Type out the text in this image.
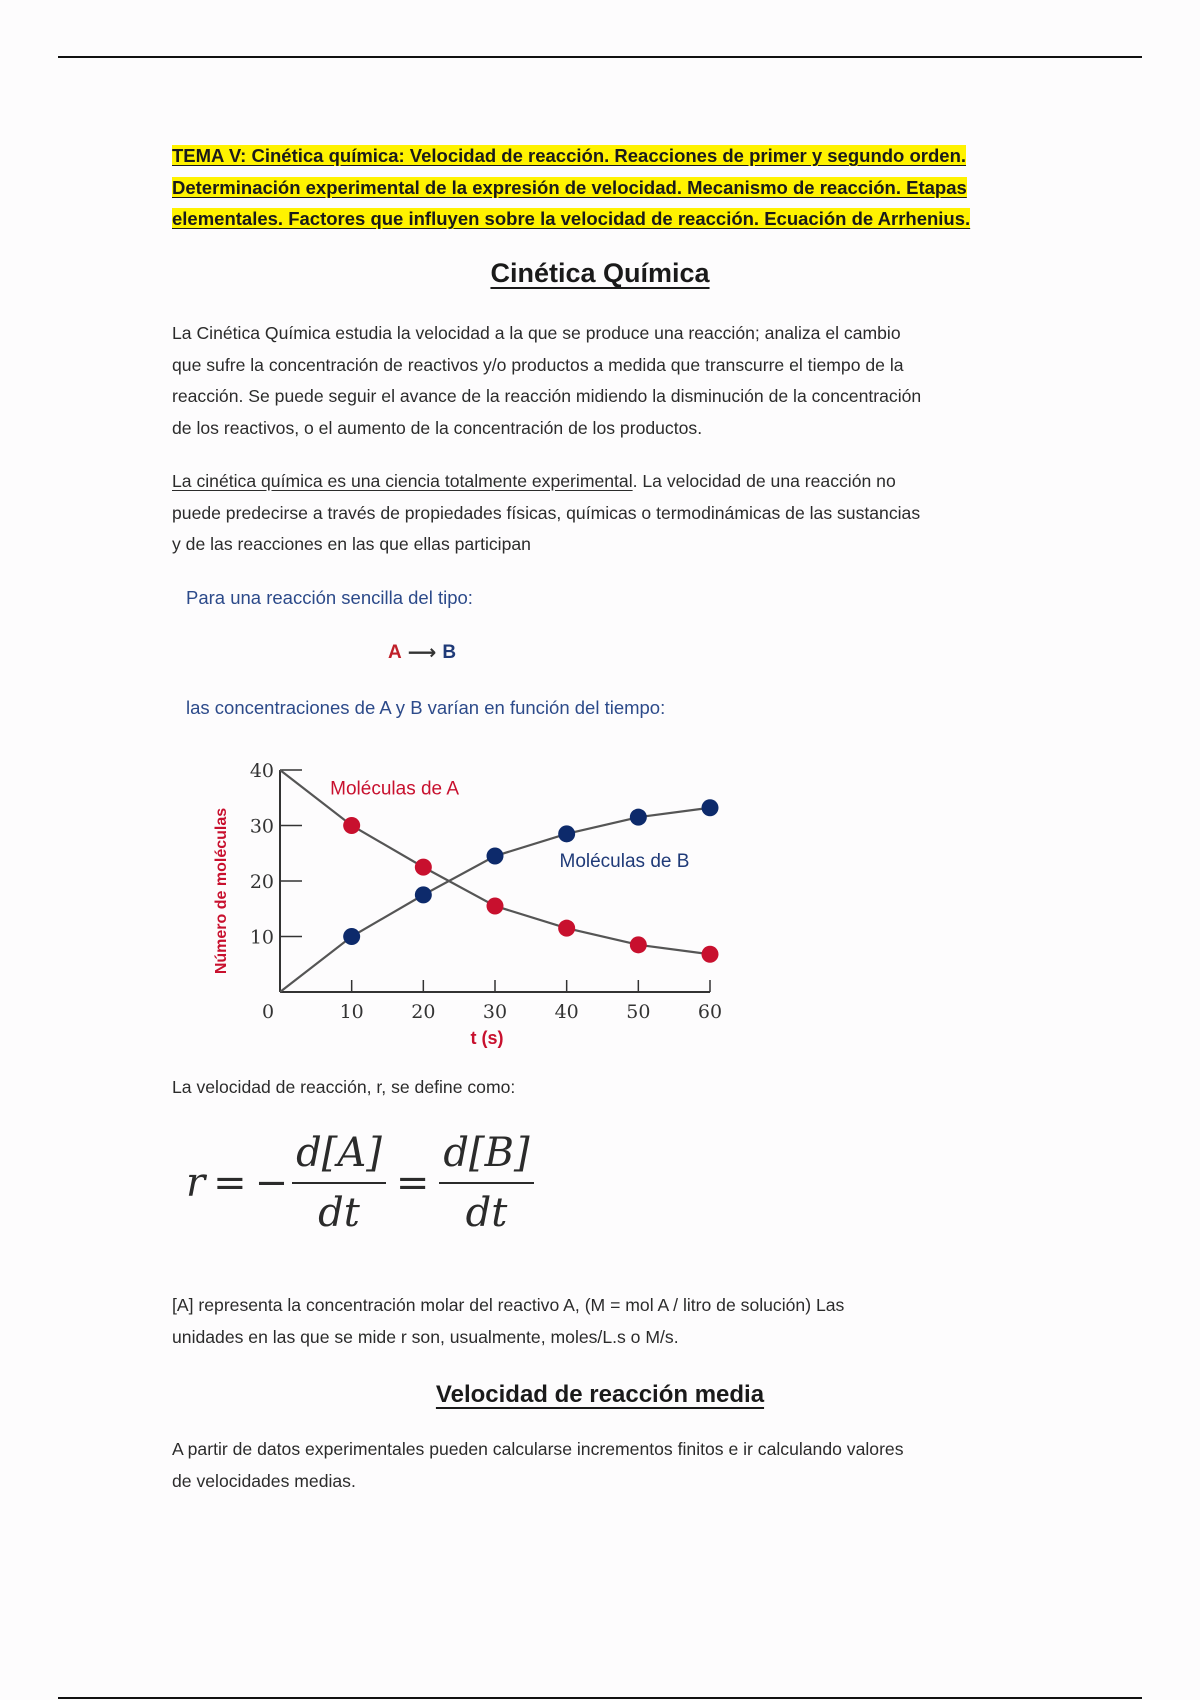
TEMA V: Cinética química: Velocidad de reacción. Reacciones de primer y segundo orden.
Determinación experimental de la expresión de velocidad. Mecanismo de reacción. Etapas
elementales. Factores que influyen sobre la velocidad de reacción. Ecuación de Arrhenius.
Cinética Química

La Cinética Química estudia la velocidad a la que se produce una reacción; analiza el cambio
que sufre la concentración de reactivos y/o productos a medida que transcurre el tiempo de la
reacción. Se puede seguir el avance de la reacción midiendo la disminución de la concentración
de los reactivos, o el aumento de la concentración de los productos.

La cinética química es una ciencia totalmente experimental. La velocidad de una reacción no
puede predecirse a través de propiedades físicas, químicas o termodinámicas de las sustancias
y de las reacciones en las que ellas participan

Para una reacción sencilla del tipo:
A ⟶ B
las concentraciones de A y B varían en función del tiempo:
0	10 20 30 40 50 60
10
20
30
40
t (s)
Número de moléculas
Moléculas de A
Moléculas de B
La velocidad de reacción, r, se define como:
r = − $\frac{d[A]}{dt} = \frac{d[B]}{dt}$

[A] representa la concentración molar del reactivo A, (M = mol A / litro de solución) Las
unidades en las que se mide r son, usualmente, moles/L.s o M/s.

Velocidad de reacción media

A partir de datos experimentales pueden calcularse incrementos finitos e ir calculando valores
de velocidades medias.
